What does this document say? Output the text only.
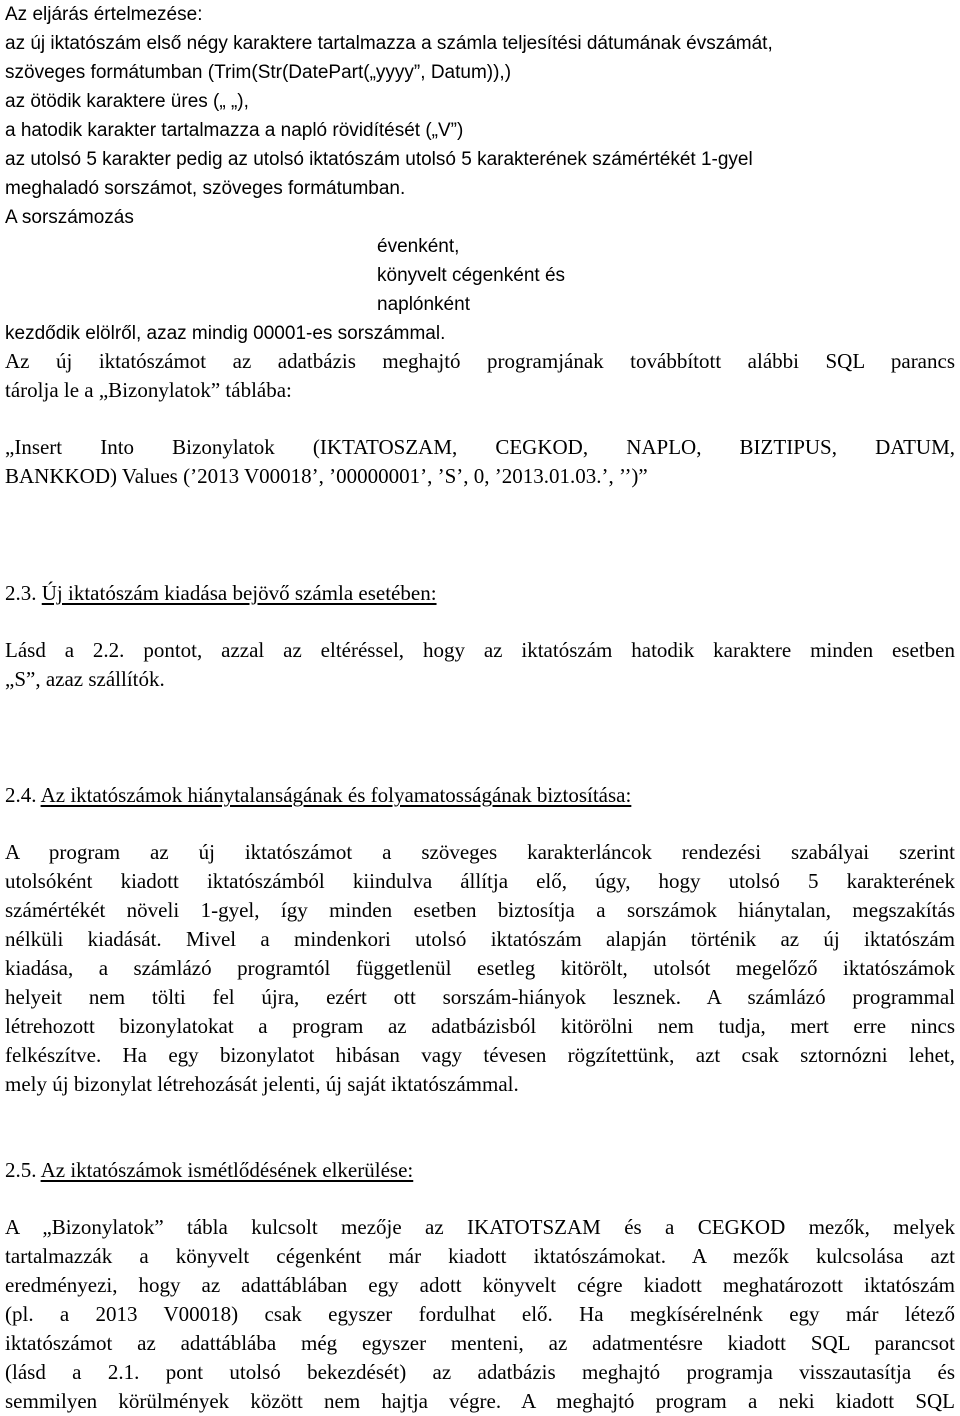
Az eljárás értelmezése:
az új iktatószám első négy karaktere tartalmazza a számla teljesítési dátumának évszámát,
szöveges formátumban (Trim(Str(DatePart(„yyyy”, Datum)),)
az ötödik karaktere üres („ „),
a hatodik karakter tartalmazza a napló rövidítését („V”)
az utolsó 5 karakter pedig az utolsó iktatószám utolsó 5 karakterének számértékét 1-gyel
meghaladó sorszámot, szöveges formátumban.
A sorszámozás
évenként,
könyvelt cégenként és
naplónként
kezdődik elölről, azaz mindig 00001-es sorszámmal.
Az új iktatószámot az adatbázis meghajtó programjának továbbított alábbi SQL parancs
tárolja le a „Bizonylatok” táblába:
„Insert Into Bizonylatok (IKTATOSZAM, CEGKOD, NAPLO, BIZTIPUS, DATUM,
BANKKOD) Values (’2013 V00018’, ’00000001’, ’S’, 0, ’2013.01.03.’, ’’)”
2.3. Új iktatószám kiadása bejövő számla esetében:
Lásd a 2.2. pontot, azzal az eltéréssel, hogy az iktatószám hatodik karaktere minden esetben
„S”, azaz szállítók.
2.4. Az iktatószámok hiánytalanságának és folyamatosságának biztosítása:
A program az új iktatószámot a szöveges karakterláncok rendezési szabályai szerint
utolsóként kiadott iktatószámból kiindulva állítja elő, úgy, hogy utolsó 5 karakterének
számértékét növeli 1-gyel, így minden esetben biztosítja a sorszámok hiánytalan, megszakítás
nélküli kiadását. Mivel a mindenkori utolsó iktatószám alapján történik az új iktatószám
kiadása, a számlázó programtól függetlenül esetleg kitörölt, utolsót megelőző iktatószámok
helyeit nem tölti fel újra, ezért ott sorszám-hiányok lesznek. A számlázó programmal
létrehozott bizonylatokat a program az adatbázisból kitörölni nem tudja, mert erre nincs
felkészítve. Ha egy bizonylatot hibásan vagy tévesen rögzítettünk, azt csak sztornózni lehet,
mely új bizonylat létrehozását jelenti, új saját iktatószámmal.
2.5. Az iktatószámok ismétlődésének elkerülése:
A „Bizonylatok” tábla kulcsolt mezője az IKATOTSZAM és a CEGKOD mezők, melyek
tartalmazzák a könyvelt cégenként már kiadott iktatószámokat. A mezők kulcsolása azt
eredményezi, hogy az adattáblában egy adott könyvelt cégre kiadott meghatározott iktatószám
(pl. a 2013 V00018) csak egyszer fordulhat elő. Ha megkísérelnénk egy már létező
iktatószámot az adattáblába még egyszer menteni, az adatmentésre kiadott SQL parancsot
(lásd a 2.1. pont utolsó bekezdését) az adatbázis meghajtó programja visszautasítja és
semmilyen körülmények között nem hajtja végre. A meghajtó program a neki kiadott SQL
